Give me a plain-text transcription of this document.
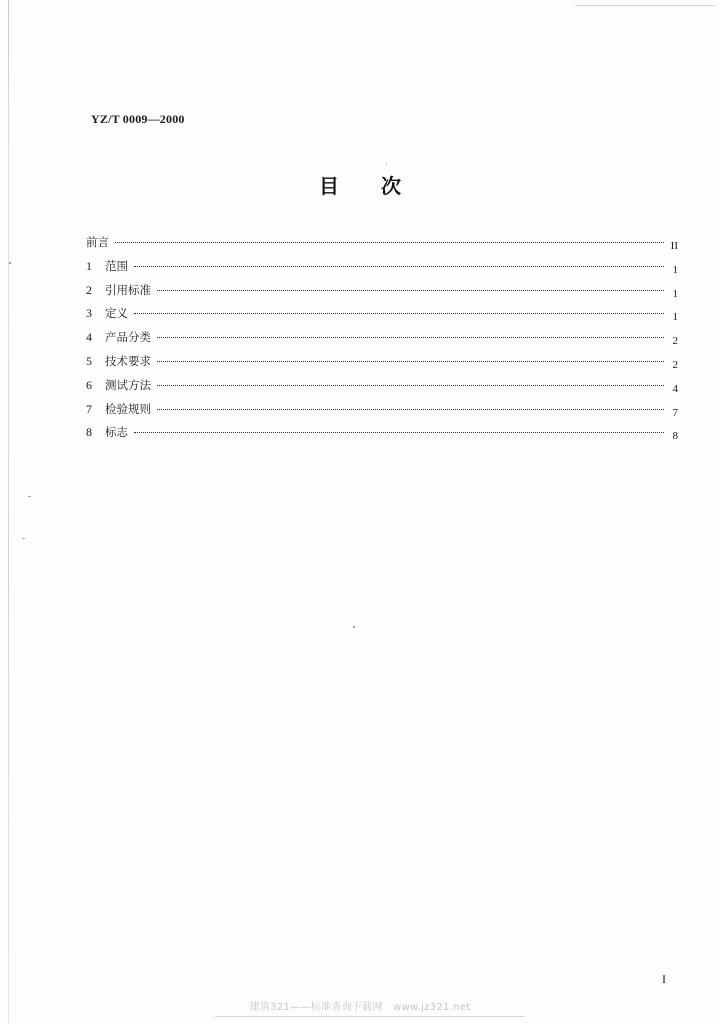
YZ/T 0009—2000
目 次
前言	II
1	范围	1
2	引用标准	1
3	定义	1
4	产品分类	2
5	技术要求	2
6	测试方法	4
7	检验规则	7
8	标志	8
I
建筑321——标准查询下载网　www.jz321.net
